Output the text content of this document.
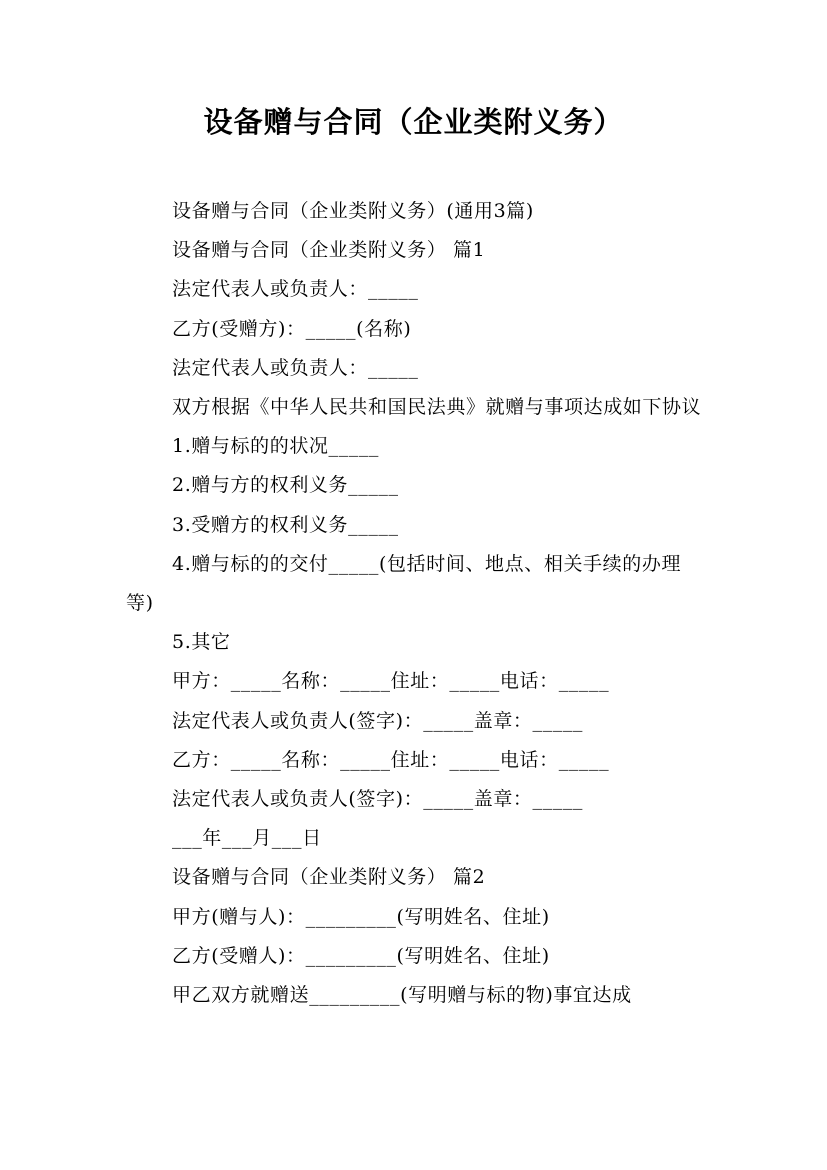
设备赠与合同（企业类附义务）

设备赠与合同（企业类附义务）(通用3篇)

设备赠与合同（企业类附义务） 篇1

法定代表人或负责人：_____

乙方(受赠方)：_____(名称)

法定代表人或负责人：_____

双方根据《中华人民共和国民法典》就赠与事项达成如下协议

1.赠与标的的状况_____

2.赠与方的权利义务_____

3.受赠方的权利义务_____

4.赠与标的的交付_____(包括时间、地点、相关手续的办理等)

5.其它

甲方：_____名称：_____住址：_____电话：_____

法定代表人或负责人(签字)：_____盖章：_____

乙方：_____名称：_____住址：_____电话：_____

法定代表人或负责人(签字)：_____盖章：_____

___年___月___日

设备赠与合同（企业类附义务） 篇2

甲方(赠与人)：_________(写明姓名、住址)

乙方(受赠人)：_________(写明姓名、住址)

甲乙双方就赠送_________(写明赠与标的物)事宜达成
